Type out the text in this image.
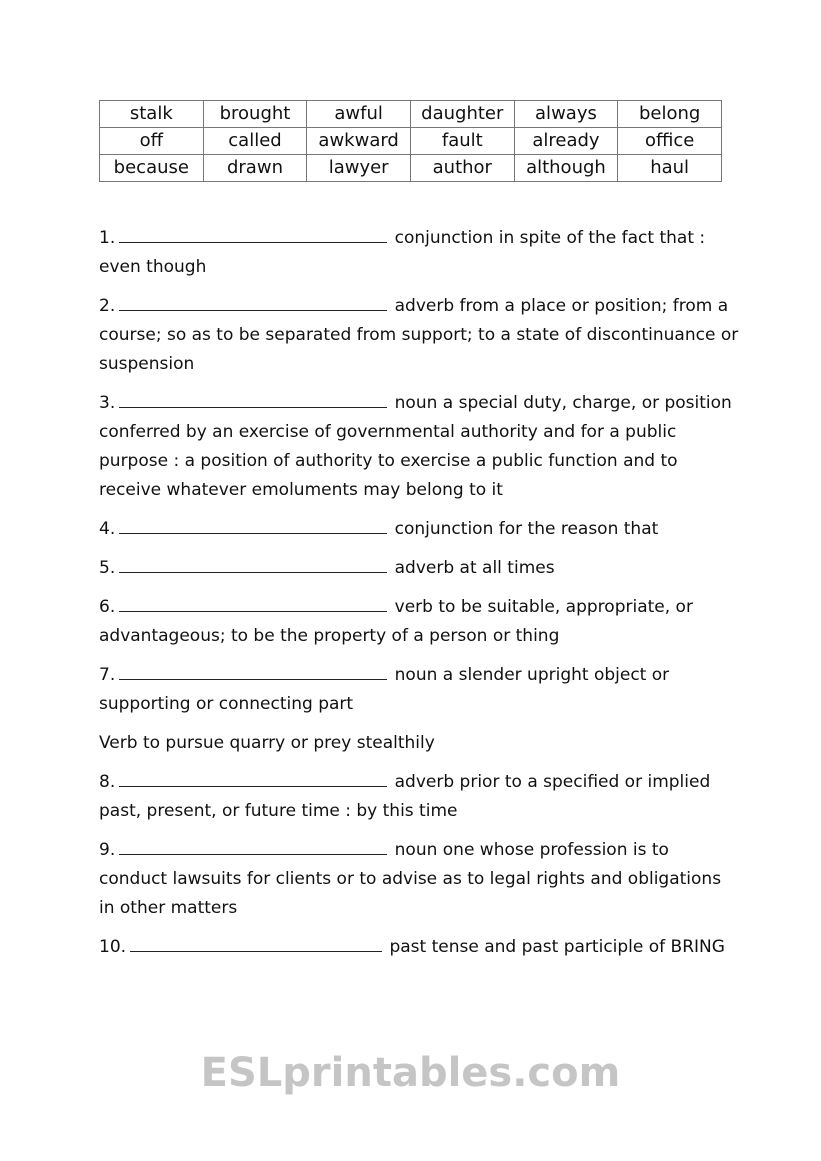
stalk	brought	awful	daughter	always	belong
off	called	awkward	fault	already	office
because	drawn	lawyer	author	although	haul
1.	conjunction in spite of the fact that : even though
2.	adverb from a place or position; from a course; so as to be separated from support; to a state of discontinuance or suspension
3.	noun a special duty, charge, or position conferred by an exercise of governmental authority and for a public purpose : a position of authority to exercise a public function and to receive whatever emoluments may belong to it
4.	conjunction for the reason that
5.	adverb at all times
6.	verb to be suitable, appropriate, or advantageous; to be the property of a person or thing
7.	noun a slender upright object or supporting or connecting part
Verb to pursue quarry or prey stealthily
8.	adverb prior to a specified or implied past, present, or future time : by this time
9.	noun one whose profession is to conduct lawsuits for clients or to advise as to legal rights and obligations in other matters
10.	past tense and past participle of BRING
ESLprintables.com
